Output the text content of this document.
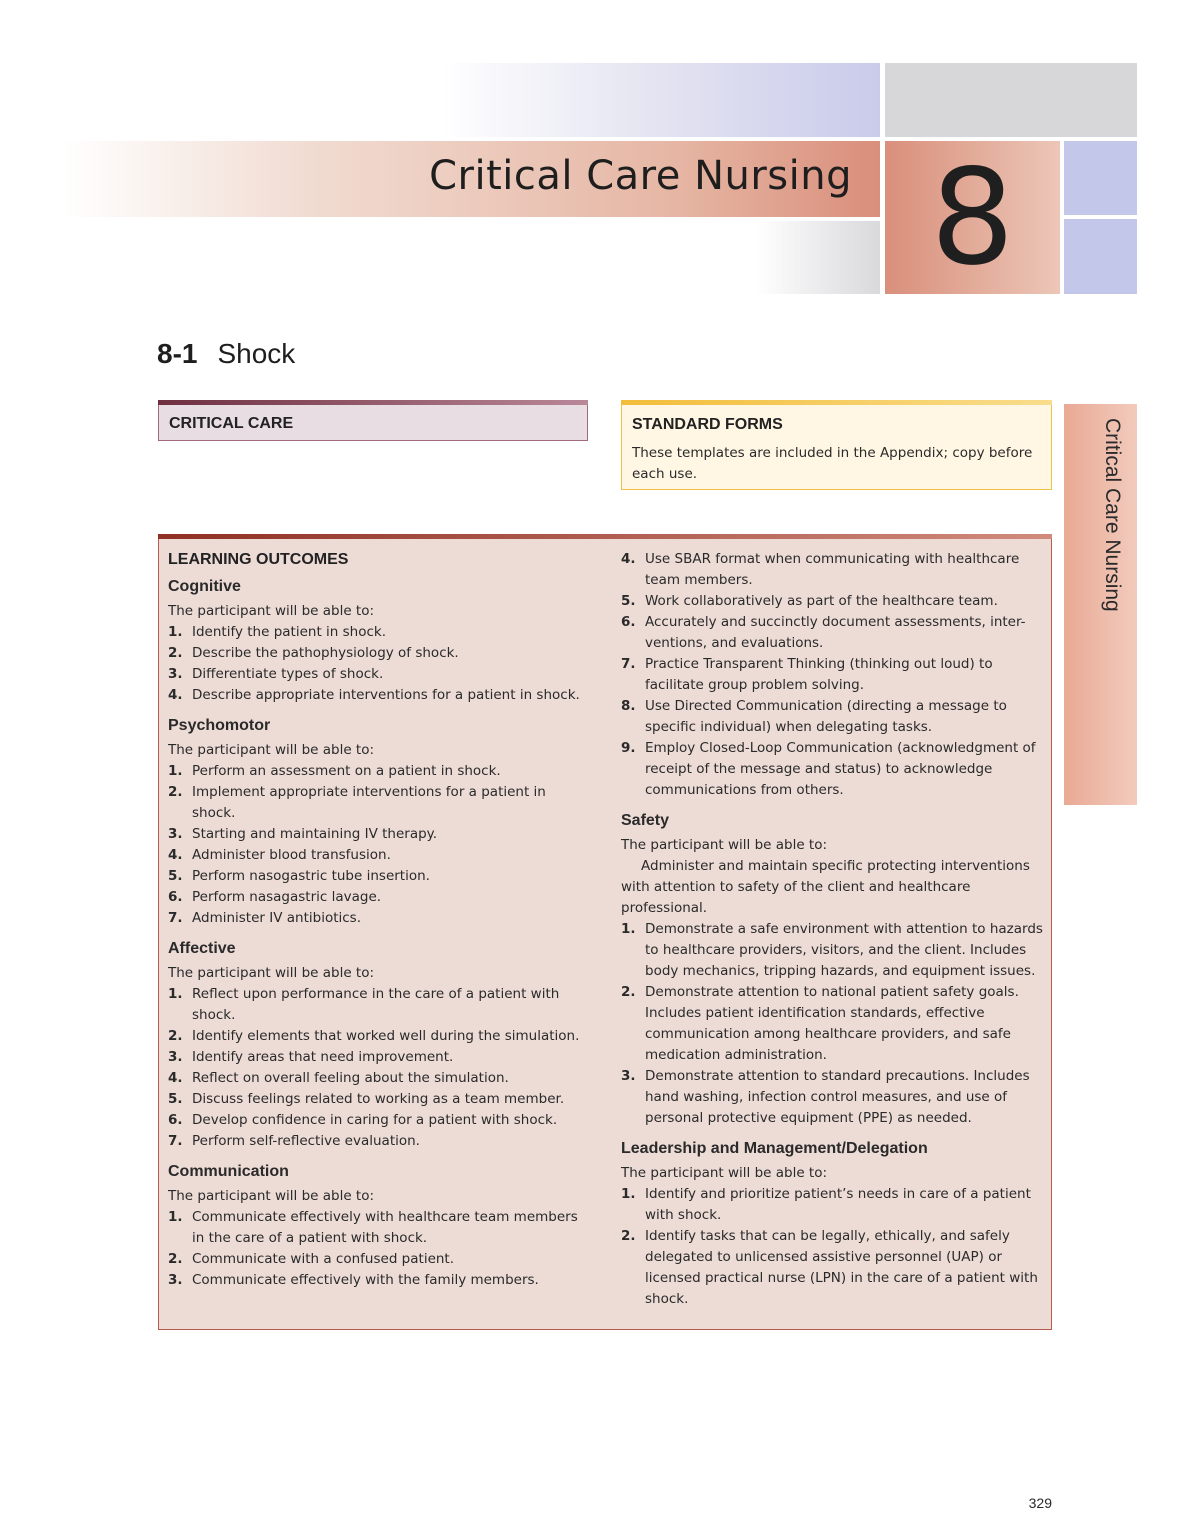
Critical Care Nursing 8
8-1 Shock
Critical Care Nursing
CRITICAL CARE	STANDARD FORMS
These templates are included in the Appendix; copy before each use.
LEARNING OUTCOMES
Cognitive
The participant will be able to:
1. Identify the patient in shock.
2. Describe the pathophysiology of shock.
3. Differentiate types of shock.
4. Describe appropriate interventions for a patient in shock.
Psychomotor
The participant will be able to:
1. Perform an assessment on a patient in shock.
2. Implement appropriate interventions for a patient in shock.
3. Starting and maintaining IV therapy.
4. Administer blood transfusion.
5. Perform nasogastric tube insertion.
6. Perform nasagastric lavage.
7. Administer IV antibiotics.
Affective
The participant will be able to:
1. Reflect upon performance in the care of a patient with shock.
2. Identify elements that worked well during the simulation.
3. Identify areas that need improvement.
4. Reflect on overall feeling about the simulation.
5. Discuss feelings related to working as a team member.
6. Develop confidence in caring for a patient with shock.
7. Perform self-reflective evaluation.
Communication
The participant will be able to:
1. Communicate effectively with healthcare team members in the care of a patient with shock.
2. Communicate with a confused patient.
3. Communicate effectively with the family members.
4. Use SBAR format when communicating with healthcare team members.
5. Work collaboratively as part of the healthcare team.
6. Accurately and succinctly document assessments, inter- ventions, and evaluations.
7. Practice Transparent Thinking (thinking out loud) to facilitate group problem solving.
8. Use Directed Communication (directing a message to specific individual) when delegating tasks.
9. Employ Closed-Loop Communication (acknowledgment of receipt of the message and status) to acknowledge communications from others.
Safety
The participant will be able to:
Administer and maintain specific protecting interventions with attention to safety of the client and healthcare professional.
1. Demonstrate a safe environment with attention to hazards to healthcare providers, visitors, and the client. Includes body mechanics, tripping hazards, and equipment issues.
2. Demonstrate attention to national patient safety goals. Includes patient identification standards, effective communication among healthcare providers, and safe medication administration.
3. Demonstrate attention to standard precautions. Includes hand washing, infection control measures, and use of personal protective equipment (PPE) as needed.
Leadership and Management/Delegation
The participant will be able to:
1. Identify and prioritize patient’s needs in care of a patient with shock.
2. Identify tasks that can be legally, ethically, and safely delegated to unlicensed assistive personnel (UAP) or licensed practical nurse (LPN) in the care of a patient with shock.
329
